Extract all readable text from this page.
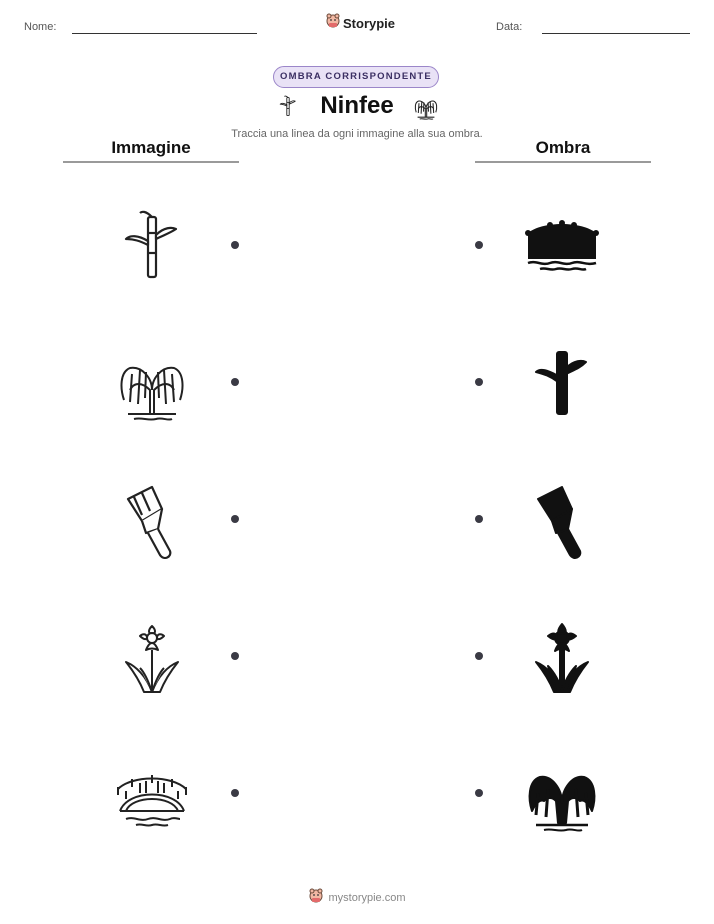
Nome:	Storypie	Data:
OMBRA CORRISPONDENTE
Ninfee
Traccia una linea da ogni immagine alla sua ombra.
Immagine	Ombra
mystorypie.com
